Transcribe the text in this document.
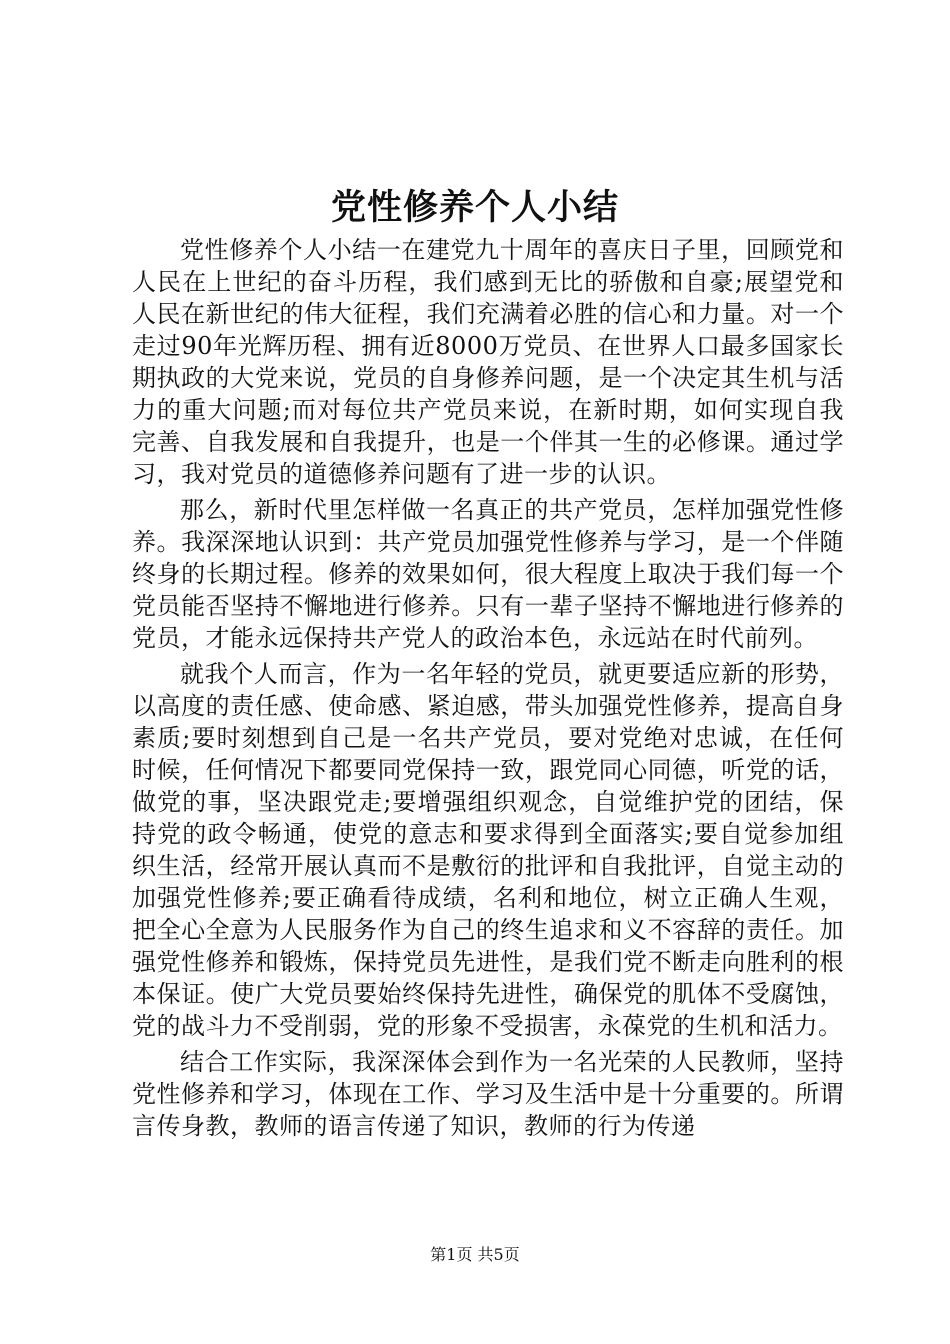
党性修养个人小结

党性修养个人小结一在建党九十周年的喜庆日子里，回顾党和人民在上世纪的奋斗历程，我们感到无比的骄傲和自豪;展望党和人民在新世纪的伟大征程，我们充满着必胜的信心和力量。对一个走过90年光辉历程、拥有近8000万党员、在世界人口最多国家长期执政的大党来说，党员的自身修养问题，是一个决定其生机与活力的重大问题;而对每位共产党员来说，在新时期，如何实现自我完善、自我发展和自我提升，也是一个伴其一生的必修课。通过学习，我对党员的道德修养问题有了进一步的认识。

那么，新时代里怎样做一名真正的共产党员，怎样加强党性修养。我深深地认识到：共产党员加强党性修养与学习，是一个伴随终身的长期过程。修养的效果如何，很大程度上取决于我们每一个党员能否坚持不懈地进行修养。只有一辈子坚持不懈地进行修养的党员，才能永远保持共产党人的政治本色，永远站在时代前列。

就我个人而言，作为一名年轻的党员，就更要适应新的形势，以高度的责任感、使命感、紧迫感，带头加强党性修养，提高自身素质;要时刻想到自己是一名共产党员，要对党绝对忠诚，在任何时候，任何情况下都要同党保持一致，跟党同心同德，听党的话，做党的事，坚决跟党走;要增强组织观念，自觉维护党的团结，保持党的政令畅通，使党的意志和要求得到全面落实;要自觉参加组织生活，经常开展认真而不是敷衍的批评和自我批评，自觉主动的加强党性修养;要正确看待成绩，名利和地位，树立正确人生观，把全心全意为人民服务作为自己的终生追求和义不容辞的责任。加强党性修养和锻炼，保持党员先进性，是我们党不断走向胜利的根本保证。使广大党员要始终保持先进性，确保党的肌体不受腐蚀，党的战斗力不受削弱，党的形象不受损害，永葆党的生机和活力。

结合工作实际，我深深体会到作为一名光荣的人民教师，坚持党性修养和学习，体现在工作、学习及生活中是十分重要的。所谓言传身教，教师的语言传递了知识，教师的行为传递

第1页 共5页
